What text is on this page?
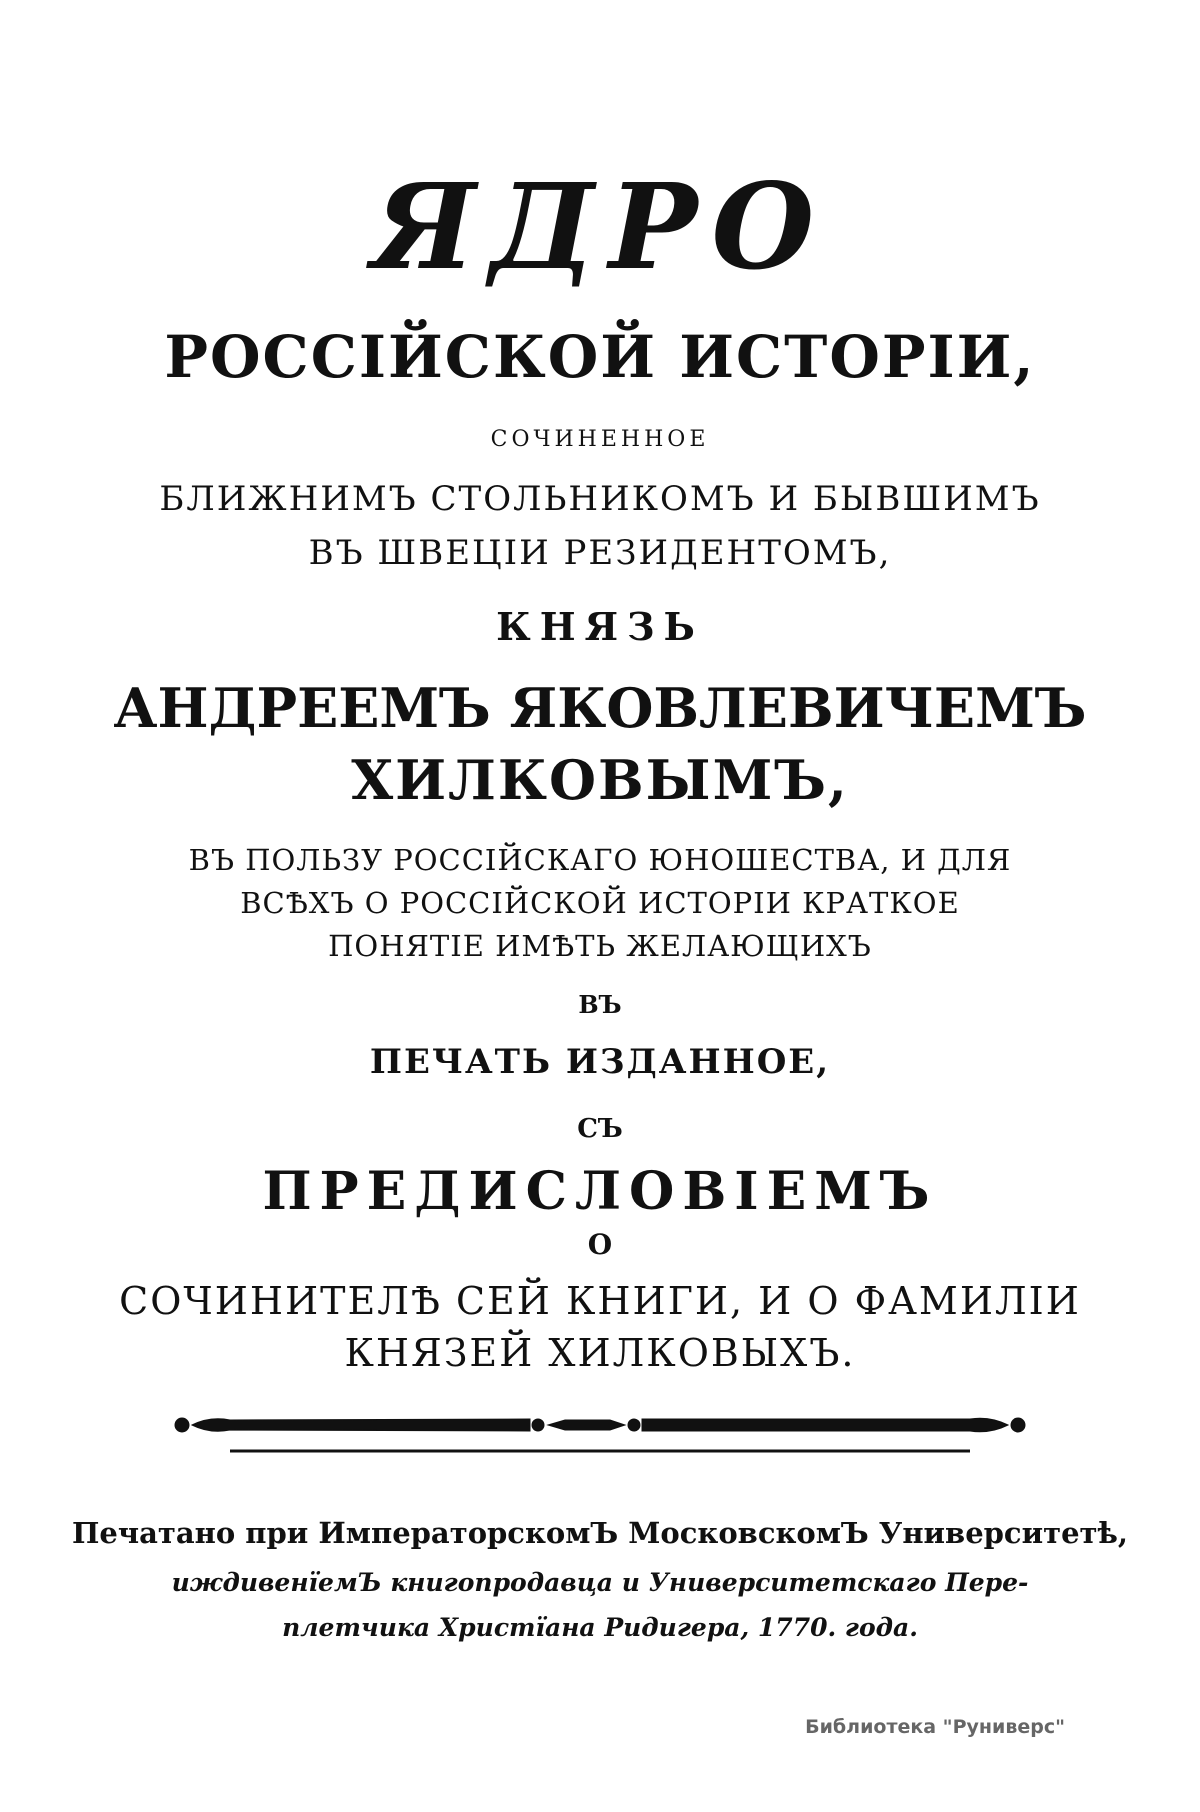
ЯДРО
РОССІЙСКОЙ ИСТОРІИ,
СОЧИНЕННОЕ
БЛИЖНИМЪ СТОЛЬНИКОМЪ И БЫВШИМЪ
ВЪ ШВЕЦІИ РЕЗИДЕНТОМЪ,
КНЯЗЬ
АНДРЕЕМЪ ЯКОВЛЕВИЧЕМЪ
ХИЛКОВЫМЪ,
ВЪ ПОЛЬЗУ РОССІЙСКАГО ЮНОШЕСТВА, И ДЛЯ
ВСѢХЪ О РОССІЙСКОЙ ИСТОРІИ КРАТКОЕ
ПОНЯТІЕ ИМѢТЬ ЖЕЛАЮЩИХЪ
ВЪ
ПЕЧАТЬ ИЗДАННОЕ,
СЪ
ПРЕДИСЛОВІЕМЪ
О
СОЧИНИТЕЛѢ СЕЙ КНИГИ, И О ФАМИЛІИ
КНЯЗЕЙ ХИЛКОВЫХЪ.
Печатано при ИмператорскомЪ МосковскомЪ Университетѣ,
иждивенїемЪ книгопродавца и Университетскаго Пере-
плетчика Христїана Ридигера, 1770. года.
Библиотека "Руниверс"
